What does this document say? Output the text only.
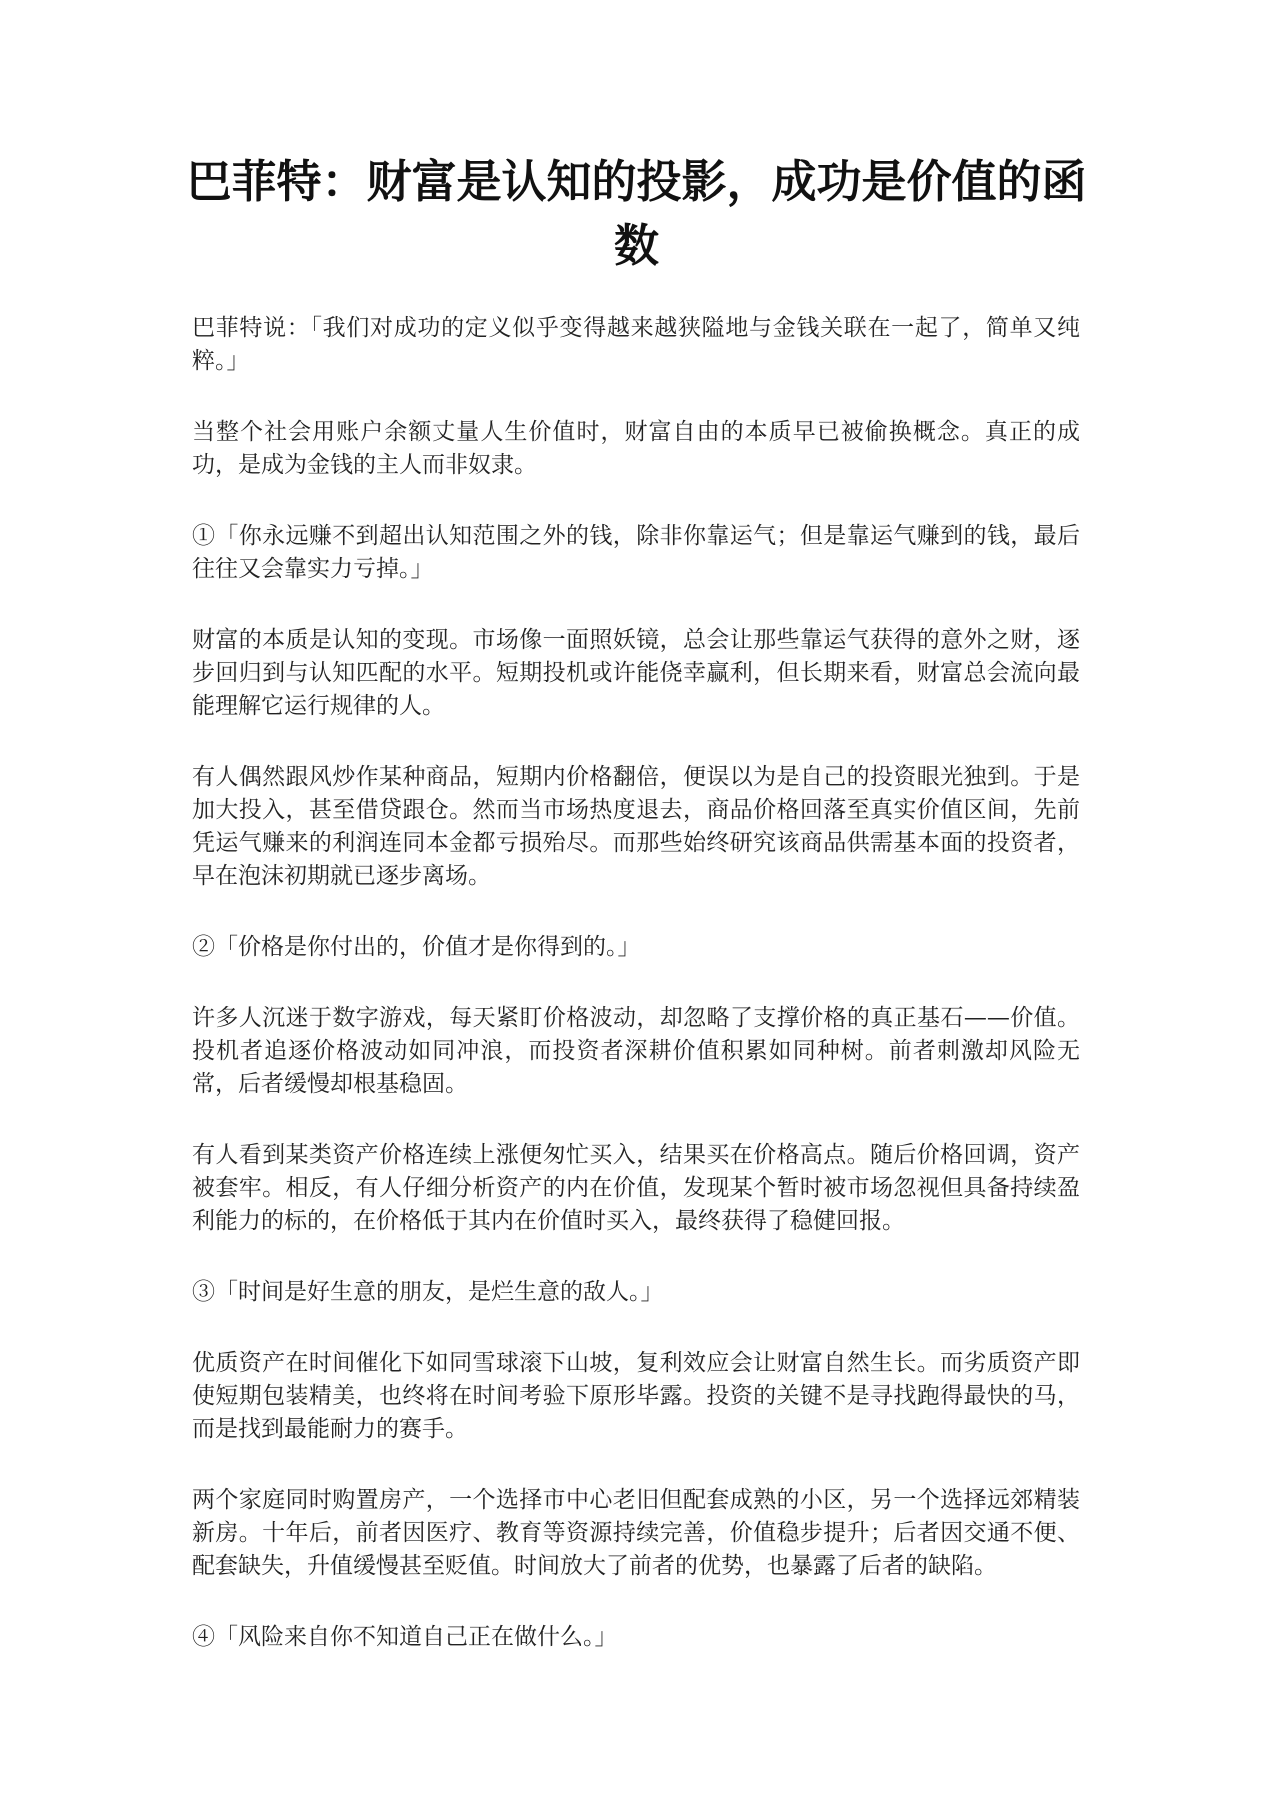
巴菲特：财富是认知的投影，成功是价值的函数

巴菲特说：「我们对成功的定义似乎变得越来越狭隘地与金钱关联在一起了，简单又纯粹。」

当整个社会用账户余额丈量人生价值时，财富自由的本质早已被偷换概念。真正的成功，是成为金钱的主人而非奴隶。

①「你永远赚不到超出认知范围之外的钱，除非你靠运气；但是靠运气赚到的钱，最后往往又会靠实力亏掉。」

财富的本质是认知的变现。市场像一面照妖镜，总会让那些靠运气获得的意外之财，逐步回归到与认知匹配的水平。短期投机或许能侥幸赢利，但长期来看，财富总会流向最能理解它运行规律的人。

有人偶然跟风炒作某种商品，短期内价格翻倍，便误以为是自己的投资眼光独到。于是加大投入，甚至借贷跟仓。然而当市场热度退去，商品价格回落至真实价值区间，先前凭运气赚来的利润连同本金都亏损殆尽。而那些始终研究该商品供需基本面的投资者，早在泡沫初期就已逐步离场。

②「价格是你付出的，价值才是你得到的。」

许多人沉迷于数字游戏，每天紧盯价格波动，却忽略了支撑价格的真正基石——价值。投机者追逐价格波动如同冲浪，而投资者深耕价值积累如同种树。前者刺激却风险无常，后者缓慢却根基稳固。

有人看到某类资产价格连续上涨便匆忙买入，结果买在价格高点。随后价格回调，资产被套牢。相反，有人仔细分析资产的内在价值，发现某个暂时被市场忽视但具备持续盈利能力的标的，在价格低于其内在价值时买入，最终获得了稳健回报。

③「时间是好生意的朋友，是烂生意的敌人。」

优质资产在时间催化下如同雪球滚下山坡，复利效应会让财富自然生长。而劣质资产即使短期包装精美，也终将在时间考验下原形毕露。投资的关键不是寻找跑得最快的马，而是找到最能耐力的赛手。

两个家庭同时购置房产，一个选择市中心老旧但配套成熟的小区，另一个选择远郊精装新房。十年后，前者因医疗、教育等资源持续完善，价值稳步提升；后者因交通不便、配套缺失，升值缓慢甚至贬值。时间放大了前者的优势，也暴露了后者的缺陷。

④「风险来自你不知道自己正在做什么。」
